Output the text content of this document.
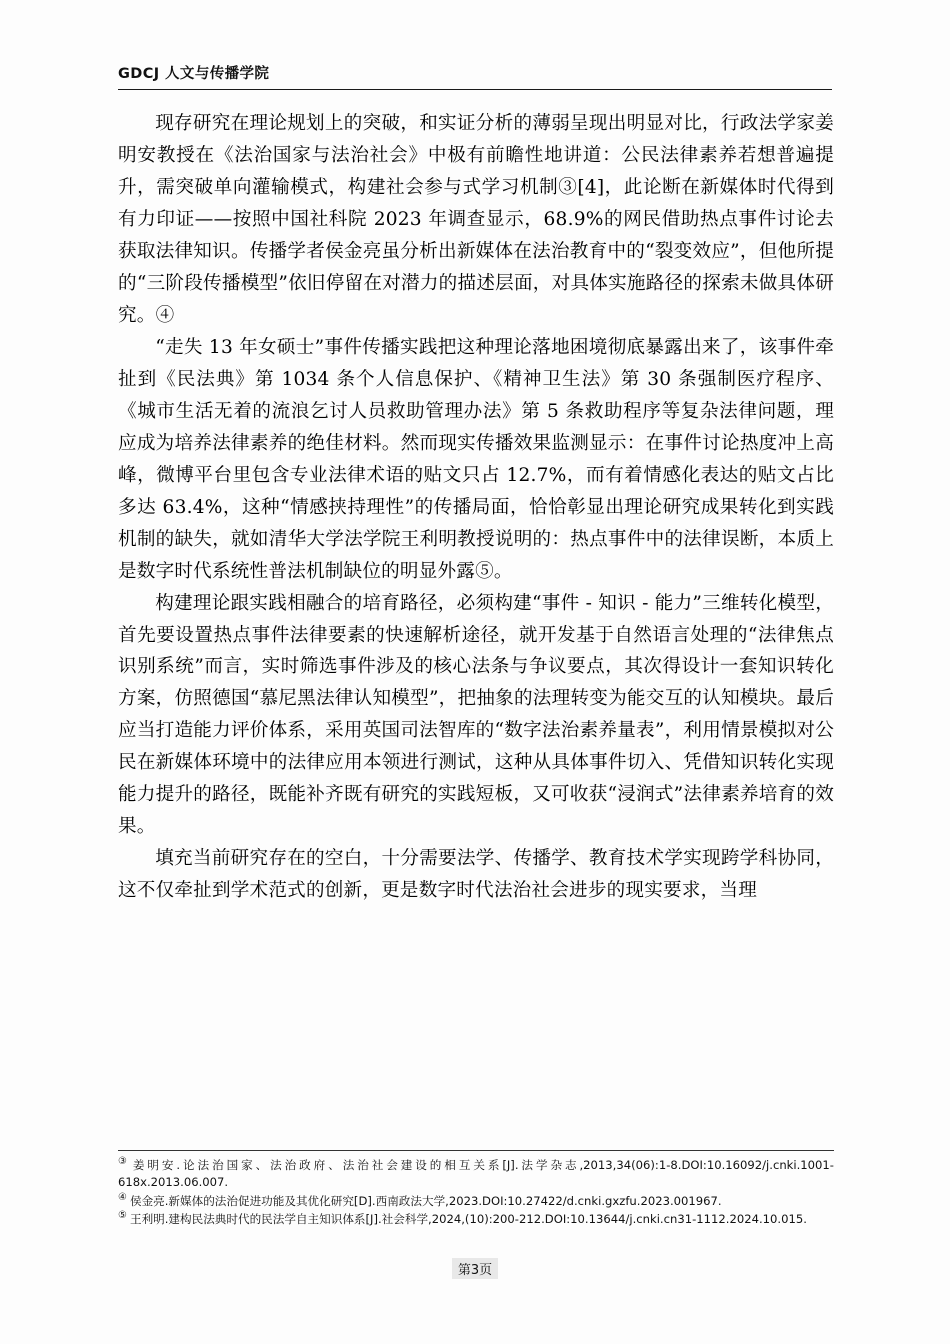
GDCJ 人文与传播学院

现存研究在理论规划上的突破，和实证分析的薄弱呈现出明显对比，行政法学家姜明安教授在《法治国家与法治社会》中极有前瞻性地讲道：公民法律素养若想普遍提升，需突破单向灌输模式，构建社会参与式学习机制③[4]，此论断在新媒体时代得到有力印证——按照中国社科院 2023 年调查显示，68.9%的网民借助热点事件讨论去获取法律知识。传播学者侯金亮虽分析出新媒体在法治教育中的“裂变效应”，但他所提的“三阶段传播模型”依旧停留在对潜力的描述层面，对具体实施路径的探索未做具体研究。④

“走失 13 年女硕士”事件传播实践把这种理论落地困境彻底暴露出来了，该事件牵扯到《民法典》第 1034 条个人信息保护、《精神卫生法》第 30 条强制医疗程序、《城市生活无着的流浪乞讨人员救助管理办法》第 5 条救助程序等复杂法律问题，理应成为培养法律素养的绝佳材料。然而现实传播效果监测显示：在事件讨论热度冲上高峰，微博平台里包含专业法律术语的贴文只占 12.7%，而有着情感化表达的贴文占比多达 63.4%，这种“情感挟持理性”的传播局面，恰恰彰显出理论研究成果转化到实践机制的缺失，就如清华大学法学院王利明教授说明的：热点事件中的法律误断，本质上是数字时代系统性普法机制缺位的明显外露⑤。

构建理论跟实践相融合的培育路径，必须构建“事件 - 知识 - 能力”三维转化模型，首先要设置热点事件法律要素的快速解析途径，就开发基于自然语言处理的“法律焦点识别系统”而言，实时筛选事件涉及的核心法条与争议要点，其次得设计一套知识转化方案，仿照德国“慕尼黑法律认知模型”，把抽象的法理转变为能交互的认知模块。最后应当打造能力评价体系，采用英国司法智库的“数字法治素养量表”，利用情景模拟对公民在新媒体环境中的法律应用本领进行测试，这种从具体事件切入、凭借知识转化实现能力提升的路径，既能补齐既有研究的实践短板，又可收获“浸润式”法律素养培育的效果。

填充当前研究存在的空白，十分需要法学、传播学、教育技术学实现跨学科协同，这不仅牵扯到学术范式的创新，更是数字时代法治社会进步的现实要求，当理

③ 姜明安.论法治国家、法治政府、法治社会建设的相互关系[J].法学杂志,2013,34(06):1-8.DOI:10.16092/j.cnki.1001-618x.2013.06.007.

④ 侯金亮.新媒体的法治促进功能及其优化研究[D].西南政法大学,2023.DOI:10.27422/d.cnki.gxzfu.2023.001967.

⑤ 王利明.建构民法典时代的民法学自主知识体系[J].社会科学,2024,(10):200-212.DOI:10.13644/j.cnki.cn31-1112.2024.10.015.

第3页
